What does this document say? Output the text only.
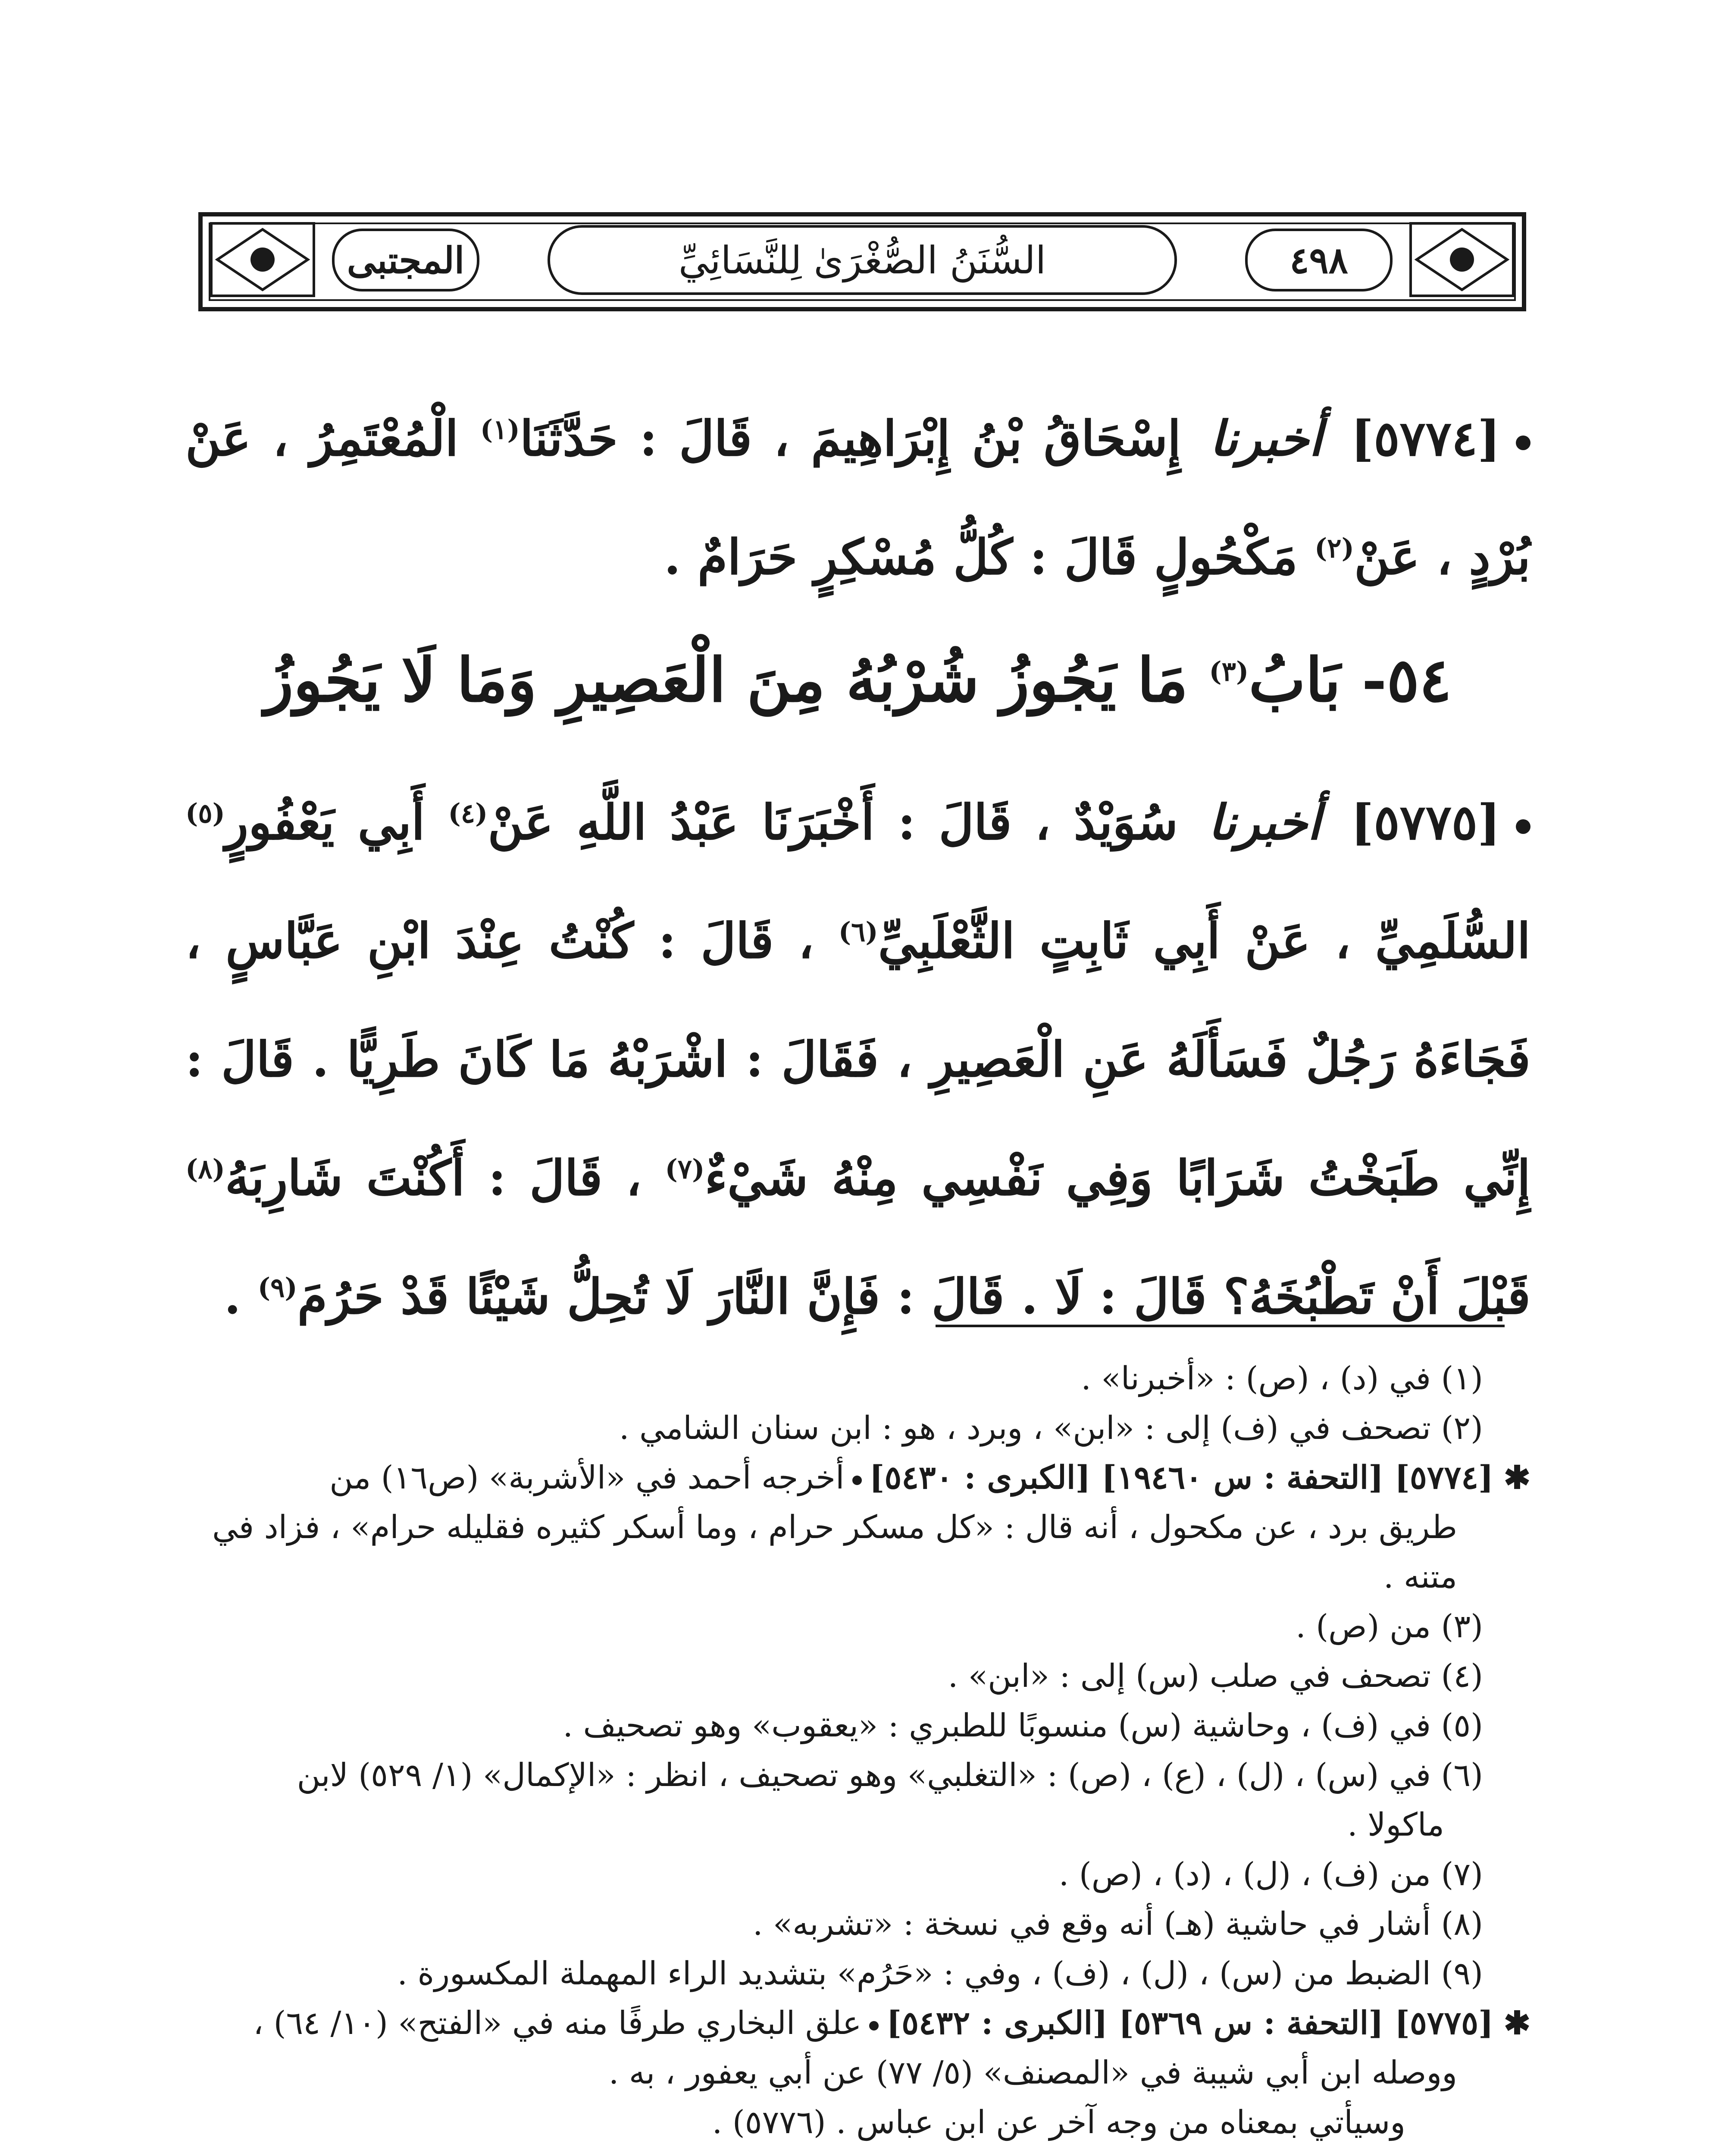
المجتبى	السُّنَنُ الصُّغْرَىٰ لِلنَّسَائِيِّ	٤٩٨
[٥٧٧٤] أخبرنا إِسْحَاقُ بْنُ إِبْرَاهِيمَ ، قَالَ : حَدَّثَنَا$^{(١)}$ الْمُعْتَمِرُ ، عَنْ بُرْدٍ ، عَنْ$^{(٢)}$ مَكْحُولٍ قَالَ : كُلُّ مُسْكِرٍ حَرَامٌ .
٥٤- بَابُ$^{(٣)}$ مَا يَجُوزُ شُرْبُهُ مِنَ الْعَصِيرِ وَمَا لَا يَجُوزُ
[٥٧٧٥] أخبرنا سُوَيْدٌ ، قَالَ : أَخْبَرَنَا عَبْدُ اللَّهِ عَنْ$^{(٤)}$ أَبِي يَعْفُورٍ$^{(٥)}$ السُّلَمِيِّ ، عَنْ أَبِي ثَابِتٍ الثَّعْلَبِيِّ$^{(٦)}$ ، قَالَ : كُنْتُ عِنْدَ ابْنِ عَبَّاسٍ ، فَجَاءَهُ رَجُلٌ فَسَأَلَهُ عَنِ الْعَصِيرِ ، فَقَالَ : اشْرَبْهُ مَا كَانَ طَرِيًّا . قَالَ : إِنِّي طَبَخْتُ شَرَابًا وَفِي نَفْسِي مِنْهُ شَيْءٌ$^{(٧)}$ ، قَالَ : أَكُنْتَ شَارِبَهُ$^{(٨)}$ قَبْلَ أَنْ تَطْبُخَهُ؟ قَالَ : لَا . قَالَ : فَإِنَّ النَّارَ لَا تُحِلُّ شَيْئًا قَدْ حَرُمَ$^{(٩)}$ .
(١) في (د) ، (ص) : «أخبرنا» .
(٢) تصحف في (ف) إلى : «ابن» ، وبرد ، هو : ابن سنان الشامي .
✱[٥٧٧٤] [التحفة : س ١٩٤٦٠] [الكبرى : ٥٤٣٠]أخرجه أحمد في «الأشربة» (ص١٦) من
طريق برد ، عن مكحول ، أنه قال : «كل مسكر حرام ، وما أسكر كثيره فقليله حرام» ، فزاد في متنه .
(٣) من (ص) .
(٤) تصحف في صلب (س) إلى : «ابن» .
(٥) في (ف) ، وحاشية (س) منسوبًا للطبري : «يعقوب» وهو تصحيف .
(٦) في (س) ، (ل) ، (ع) ، (ص) : «التغلبي» وهو تصحيف ، انظر : «الإكمال» (١/ ٥٢٩) لابن
ماكولا .
(٧) من (ف) ، (ل) ، (د) ، (ص) .
(٨) أشار في حاشية (هـ) أنه وقع في نسخة : «تشربه» .
(٩) الضبط من (س) ، (ل) ، (ف) ، وفي : «حَرُم» بتشديد الراء المهملة المكسورة .
✱[٥٧٧٥] [التحفة : س ٥٣٦٩] [الكبرى : ٥٤٣٢]علق البخاري طرفًا منه في «الفتح» (١٠/ ٦٤) ،
ووصله ابن أبي شيبة في «المصنف» (٥/ ٧٧) عن أبي يعفور ، به .
وسيأتي بمعناه من وجه آخر عن ابن عباس . (٥٧٧٦) .
